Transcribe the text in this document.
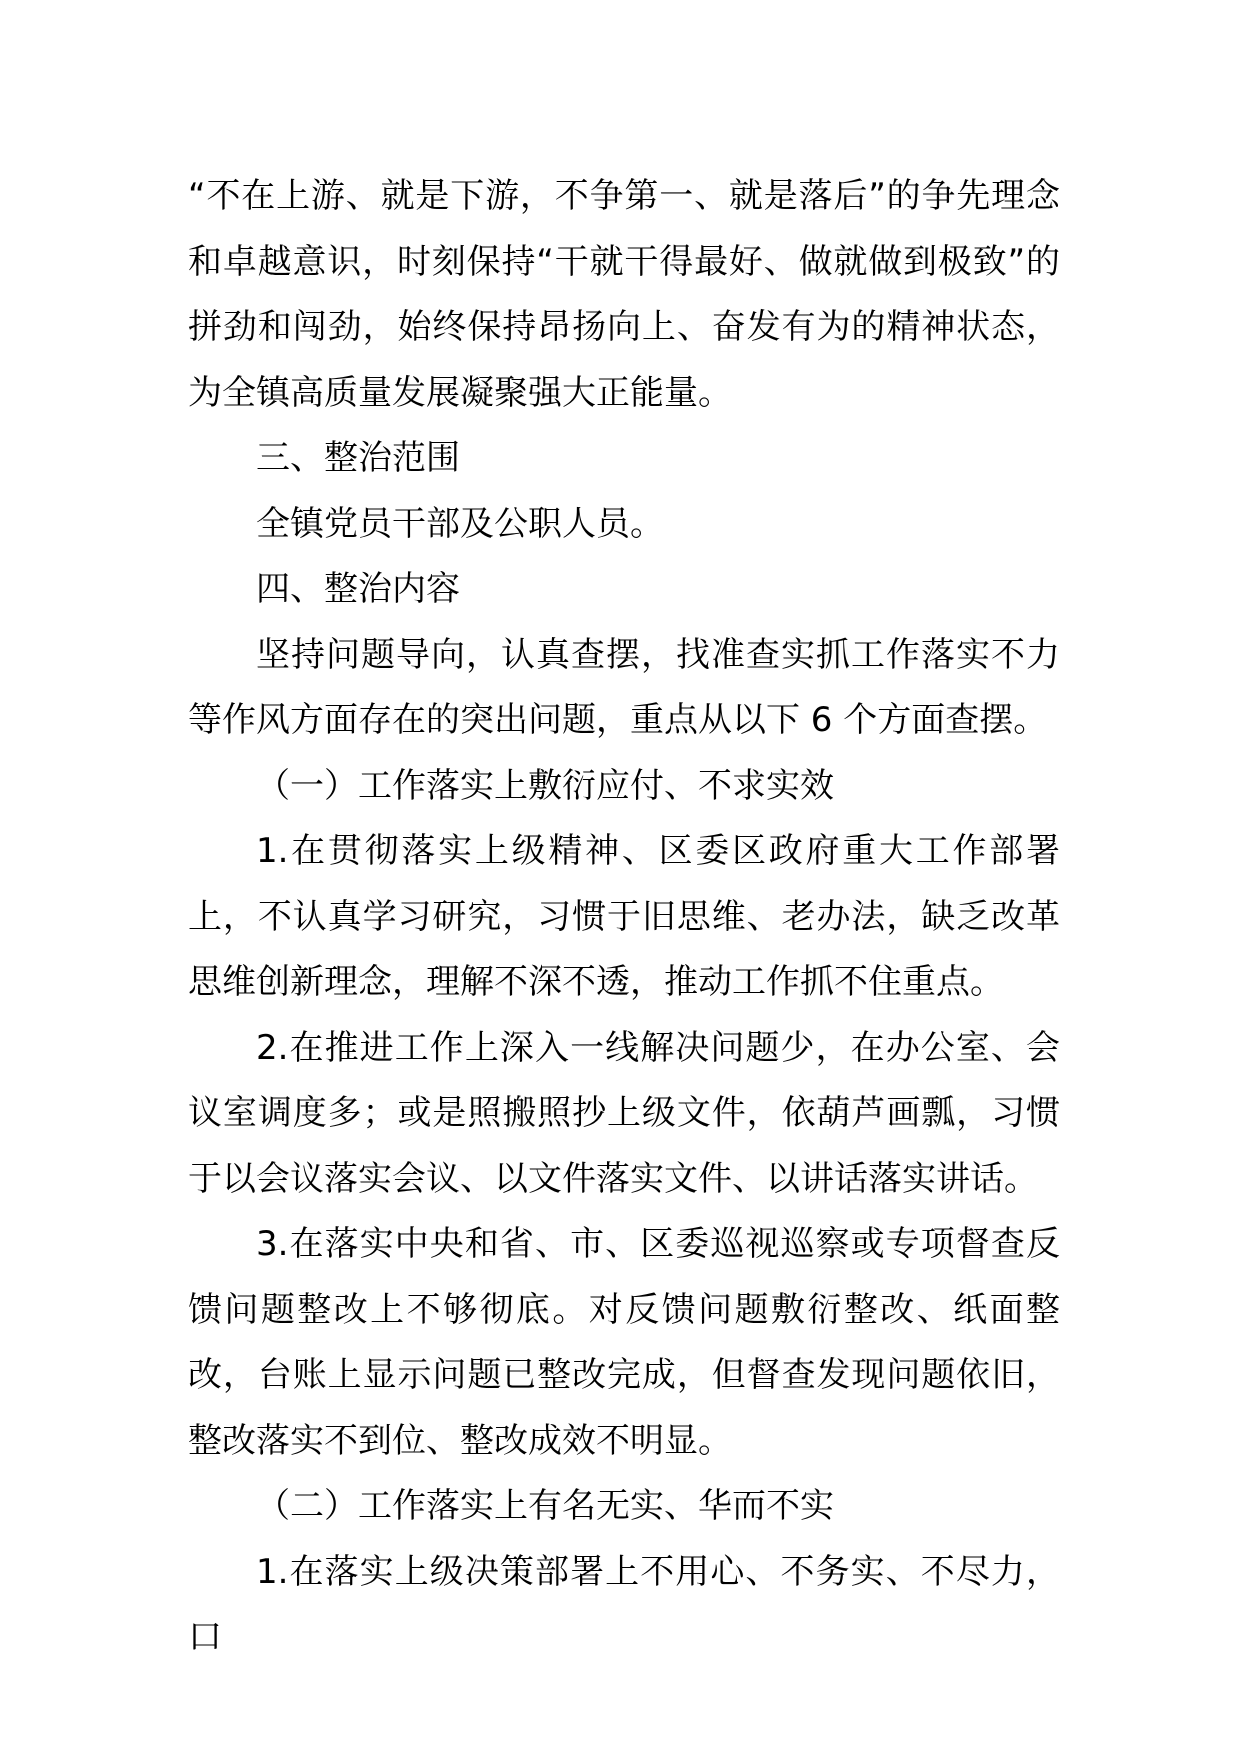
“不在上游、就是下游，不争第一、就是落后”的争先理念和卓越意识，时刻保持“干就干得最好、做就做到极致”的拼劲和闯劲，始终保持昂扬向上、奋发有为的精神状态，为全镇高质量发展凝聚强大正能量。

三、整治范围

全镇党员干部及公职人员。

四、整治内容

坚持问题导向，认真查摆，找准查实抓工作落实不力等作风方面存在的突出问题，重点从以下 6 个方面查摆。

（一）工作落实上敷衍应付、不求实效

1.在贯彻落实上级精神、区委区政府重大工作部署上，不认真学习研究，习惯于旧思维、老办法，缺乏改革思维创新理念，理解不深不透，推动工作抓不住重点。

2.在推进工作上深入一线解决问题少，在办公室、会议室调度多；或是照搬照抄上级文件，依葫芦画瓢，习惯于以会议落实会议、以文件落实文件、以讲话落实讲话。

3.在落实中央和省、市、区委巡视巡察或专项督查反馈问题整改上不够彻底。对反馈问题敷衍整改、纸面整改，台账上显示问题已整改完成，但督查发现问题依旧，整改落实不到位、整改成效不明显。

（二）工作落实上有名无实、华而不实

1.在落实上级决策部署上不用心、不务实、不尽力，口
